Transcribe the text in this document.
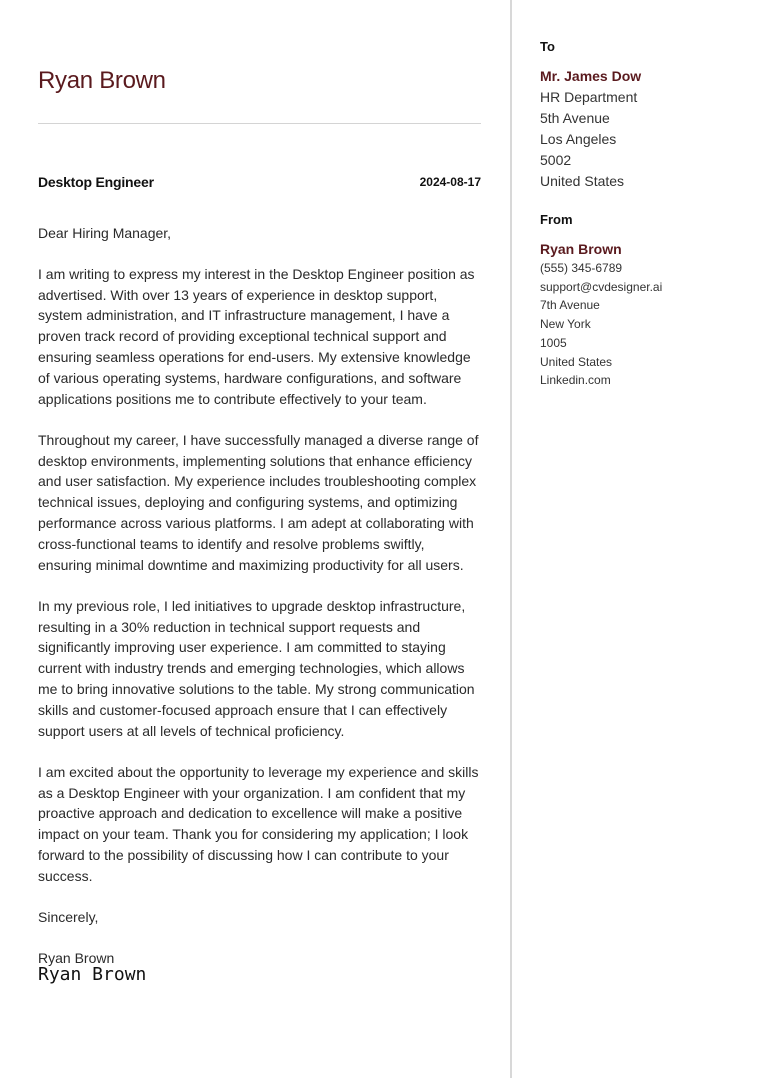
Ryan Brown
Desktop Engineer	2024-08-17

Dear Hiring Manager,

I am writing to express my interest in the Desktop Engineer position as advertised. With over 13 years of experience in desktop support, system administration, and IT infrastructure management, I have a proven track record of providing exceptional technical support and ensuring seamless operations for end-users. My extensive knowledge of various operating systems, hardware configurations, and software applications positions me to contribute effectively to your team.

Throughout my career, I have successfully managed a diverse range of desktop environments, implementing solutions that enhance efficiency and user satisfaction. My experience includes troubleshooting complex technical issues, deploying and configuring systems, and optimizing performance across various platforms. I am adept at collaborating with cross-functional teams to identify and resolve problems swiftly, ensuring minimal downtime and maximizing productivity for all users.

In my previous role, I led initiatives to upgrade desktop infrastructure, resulting in a 30% reduction in technical support requests and significantly improving user experience. I am committed to staying current with industry trends and emerging technologies, which allows me to bring innovative solutions to the table. My strong communication skills and customer-focused approach ensure that I can effectively support users at all levels of technical proficiency.

I am excited about the opportunity to leverage my experience and skills as a Desktop Engineer with your organization. I am confident that my proactive approach and dedication to excellence will make a positive impact on your team. Thank you for considering my application; I look forward to the possibility of discussing how I can contribute to your success.

Sincerely,

Ryan Brown

Ryan Brown
To
Mr. James Dow
HR Department
5th Avenue
Los Angeles
5002
United States
From
Ryan Brown
(555) 345-6789
support@cvdesigner.ai
7th Avenue
New York
1005
United States
Linkedin.com
